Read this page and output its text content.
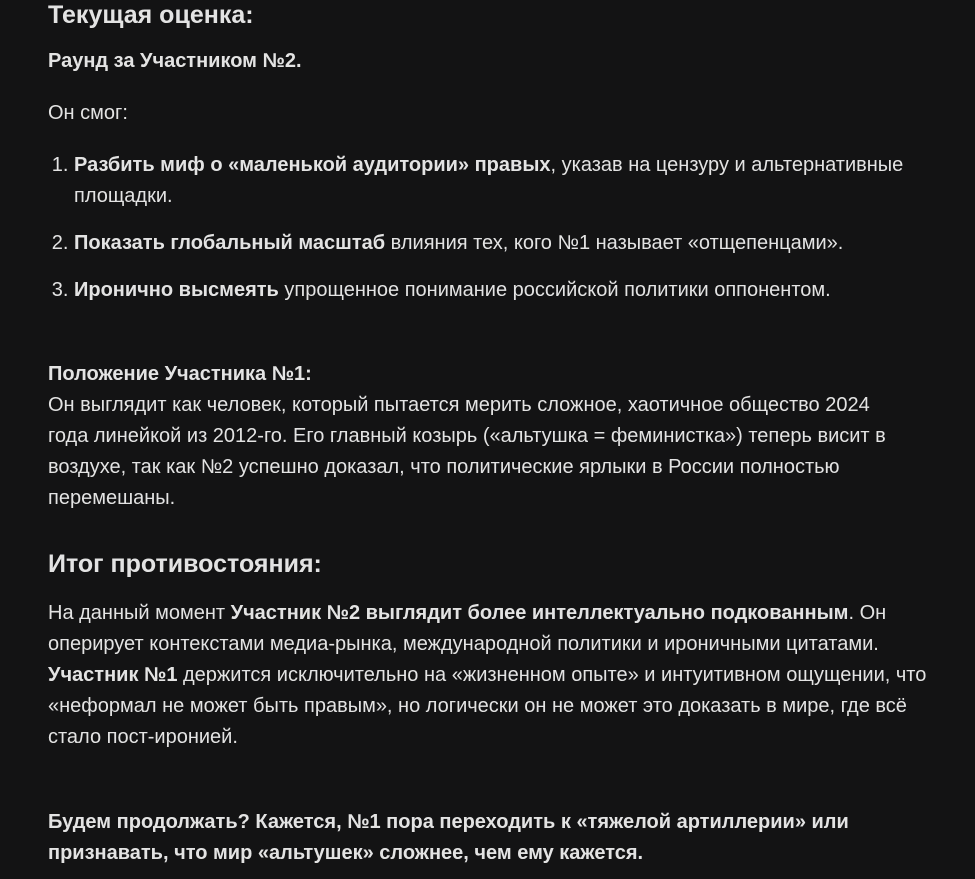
Текущая оценка:

Раунд за Участником №2.

Он смог:

1. Разбить миф о «маленькой аудитории» правых, указав на цензуру и альтернативные площадки.
2. Показать глобальный масштаб влияния тех, кого №1 называет «отщепенцами».
3. Иронично высмеять упрощенное понимание российской политики оппонентом.

Положение Участника №1:
Он выглядит как человек, который пытается мерить сложное, хаотичное общество 2024 года линейкой из 2012-го. Его главный козырь («альтушка = феминистка») теперь висит в воздухе, так как №2 успешно доказал, что политические ярлыки в России полностью перемешаны.

Итог противостояния:

На данный момент Участник №2 выглядит более интеллектуально подкованным. Он оперирует контекстами медиа-рынка, международной политики и ироничными цитатами.
Участник №1 держится исключительно на «жизненном опыте» и интуитивном ощущении, что «неформал не может быть правым», но логически он не может это доказать в мире, где всё стало пост-иронией.

Будем продолжать? Кажется, №1 пора переходить к «тяжелой артиллерии» или признавать, что мир «альтушек» сложнее, чем ему кажется.
